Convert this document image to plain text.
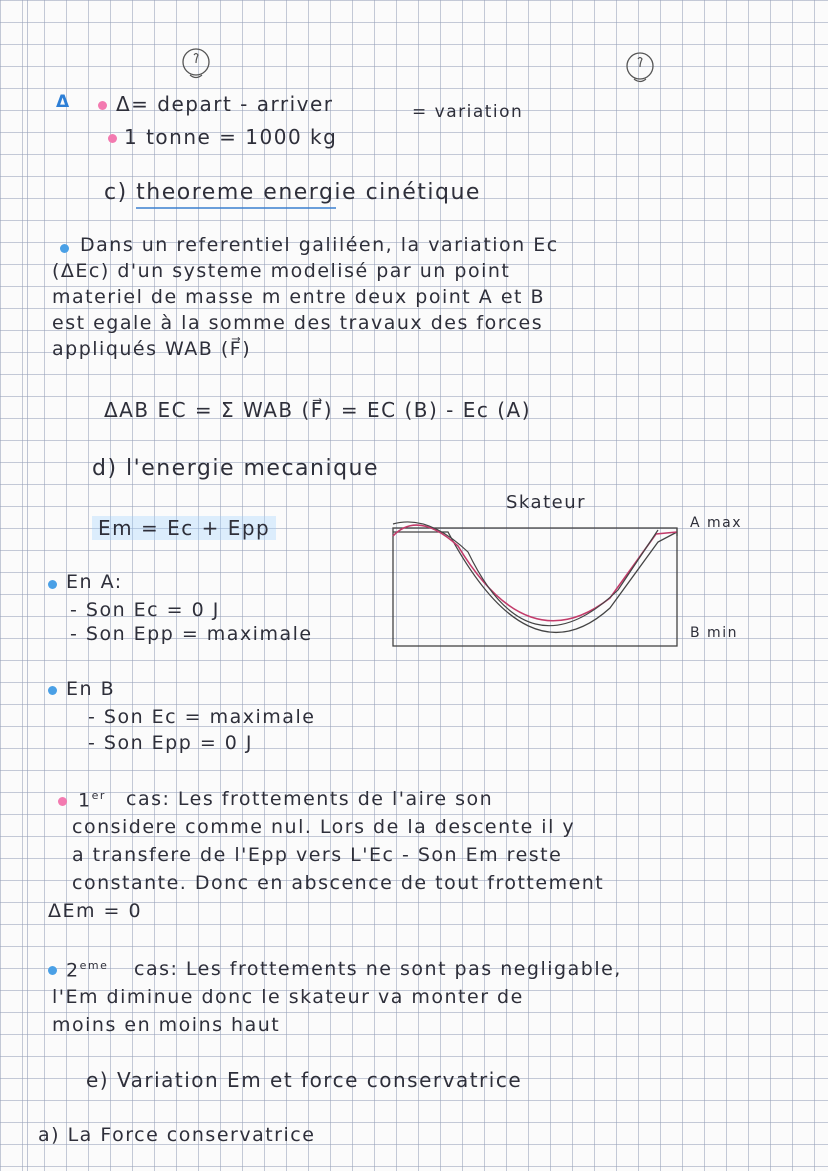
Δ Δ= depart - arriver	= variation
1 tonne = 1000 kg
c) theoreme energie cinétique
Dans un referentiel galiléen, la variation Ec
(ΔEc) d'un systeme modelisé par un point
materiel de masse m entre deux point A et B
est egale à la somme des travaux des forces
appliqués WAB (F⃗)
ΔAB EC = Σ WAB (F⃗) = EC (B) - Ec (A)
d) l'energie mecanique
Em = Ec + Epp
Skateur
A max
B min
En A:
- Son Ec = 0 J
- Son Epp = maximale
En B
- Son Ec = maximale
- Son Epp = 0 J
1er cas: Les frottements de l'aire son
considere comme nul. Lors de la descente il y
a transfere de l'Epp vers L'Ec - Son Em reste
constante. Donc en abscence de tout frottement
ΔEm = 0
2eme cas: Les frottements ne sont pas negligable,
l'Em diminue donc le skateur va monter de
moins en moins haut
e) Variation Em et force conservatrice
a) La Force conservatrice
